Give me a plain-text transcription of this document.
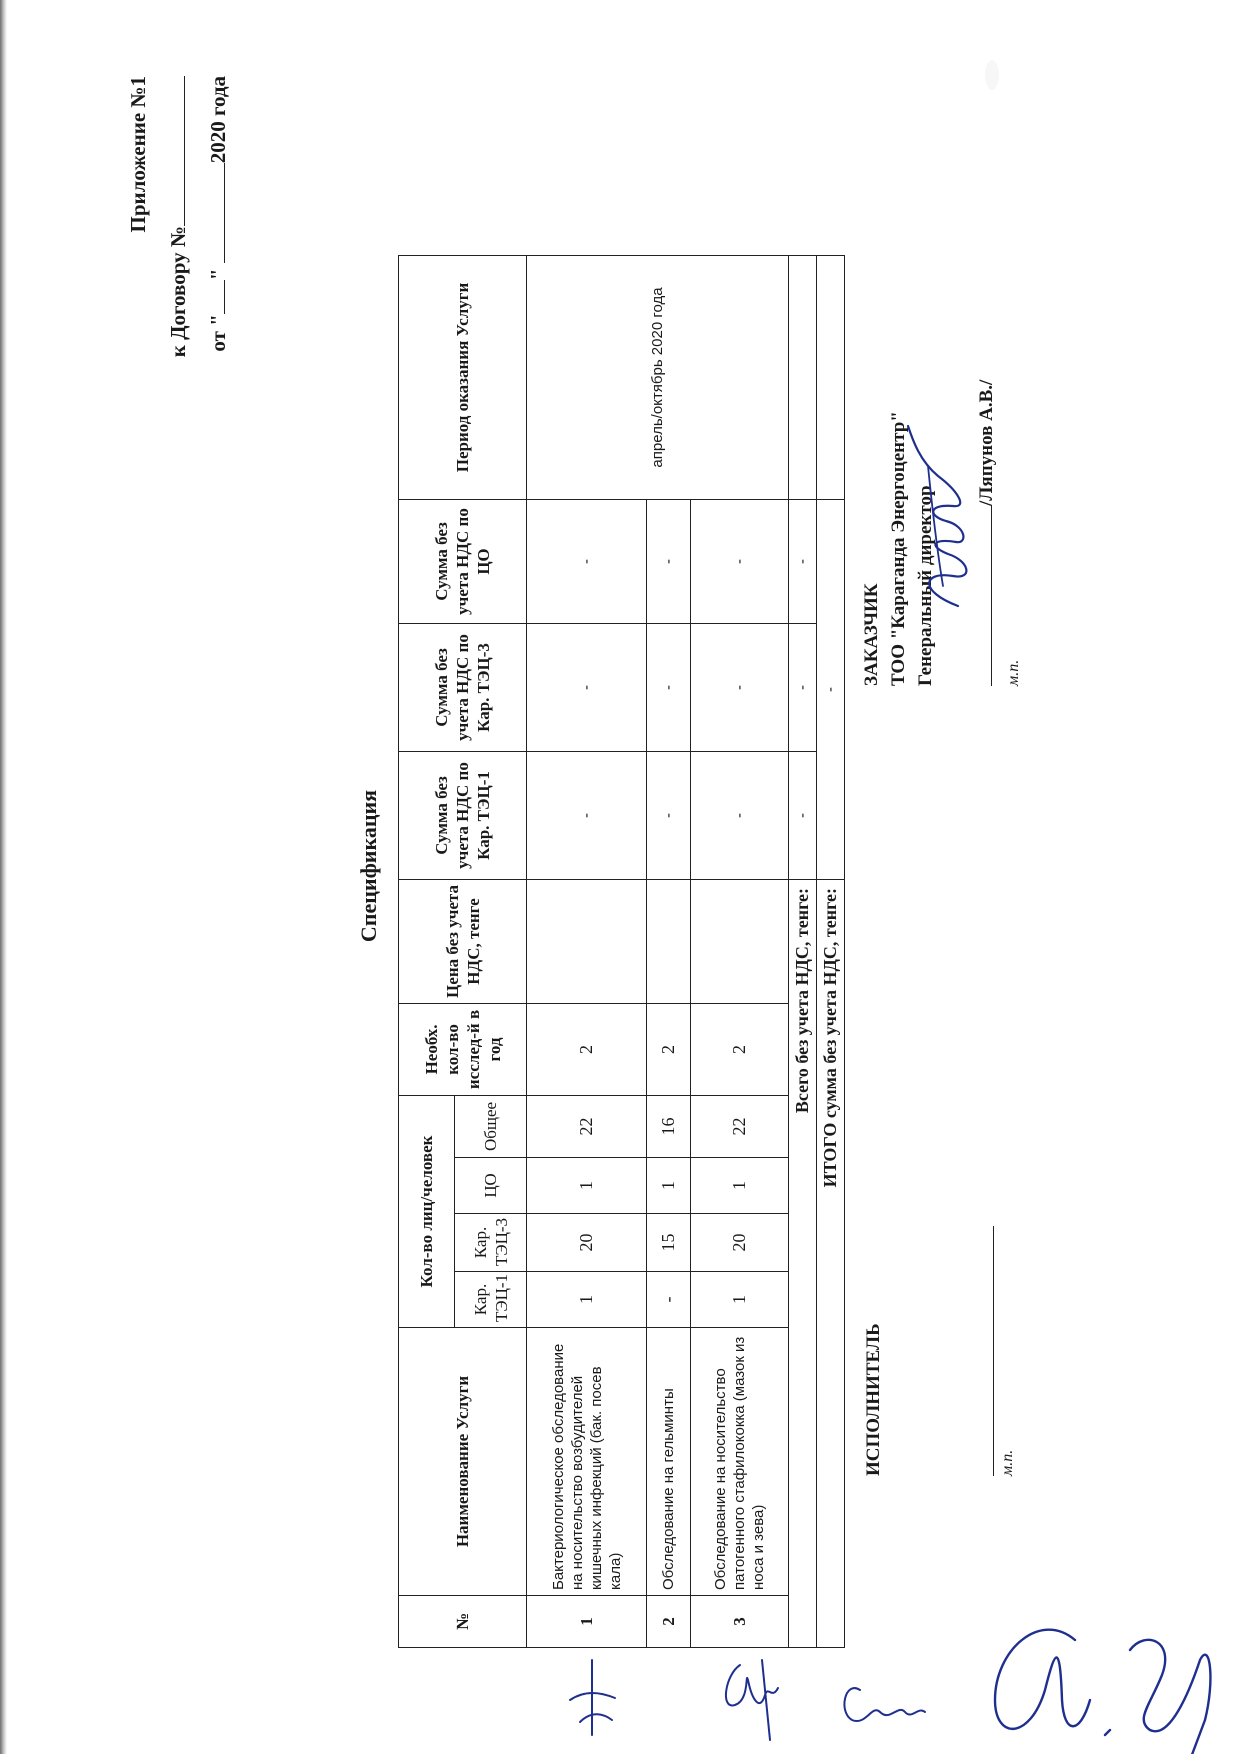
Приложение №1
к Договору № от "" 2020 года
Спецификация
№	Наименование Услуги	Кол-во лиц/человек				Необх. кол-во исслед-й в год	Цена без учета НДС, тенге	Сумма без учета НДС по Кар. ТЭЦ-1	Сумма без учета НДС по Кар. ТЭЦ-3	Сумма без учета НДС по ЦО	Период оказания Услуги
		Кар. ТЭЦ-1	Кар. ТЭЦ-3	ЦО	Общее						
1	Бактериологическое обследование на носительство возбудителей кишечных инфекций (бак. посев кала)	1	20	1	22	2		-	-	-	апрель/октябрь 2020 года
2	Обследование на гельминты	-	15	1	16	2		-	-	-	
3	Обследование на носительство патогенного стафилококка (мазок из носа и зева)	1	20	1	22	2		-	-	-	
Всего без учета НДС, тенге:								-	-	-	
ИТОГО сумма без учета НДС, тенге:								-			
ИСПОЛНИТЕЛЬ	м.п.
ЗАКАЗЧИК ТОО "Караганда Энергоцентр" Генеральный директор
/Ляпунов А.В./
м.п.
